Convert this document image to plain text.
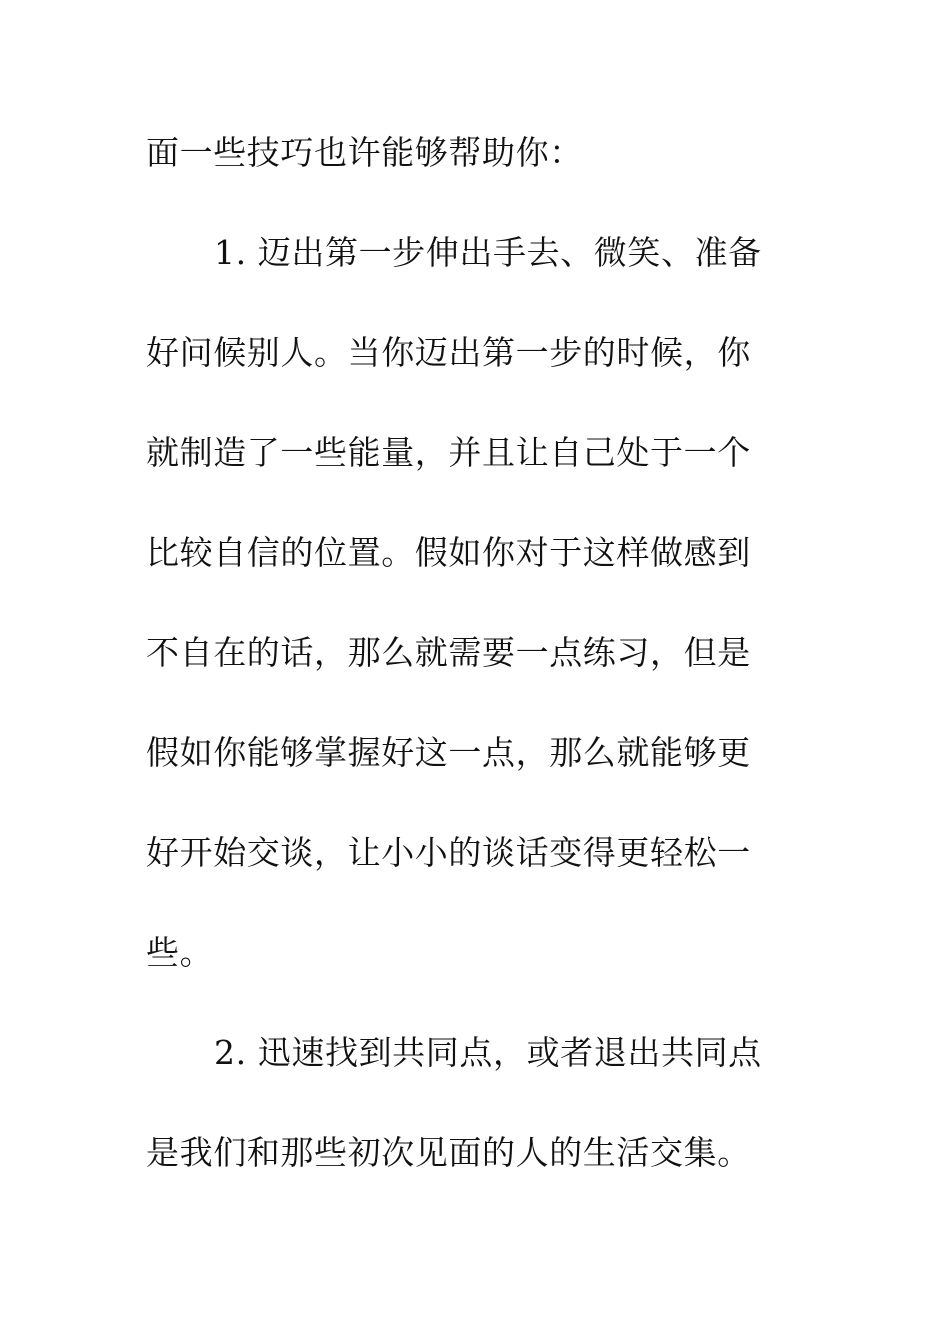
面一些技巧也许能够帮助你：
1. 迈出第一步伸出手去、微笑、准备
好问候别人。当你迈出第一步的时候，你
就制造了一些能量，并且让自己处于一个
比较自信的位置。假如你对于这样做感到
不自在的话，那么就需要一点练习，但是
假如你能够掌握好这一点，那么就能够更
好开始交谈，让小小的谈话变得更轻松一
些。
2. 迅速找到共同点，或者退出共同点
是我们和那些初次见面的人的生活交集。
